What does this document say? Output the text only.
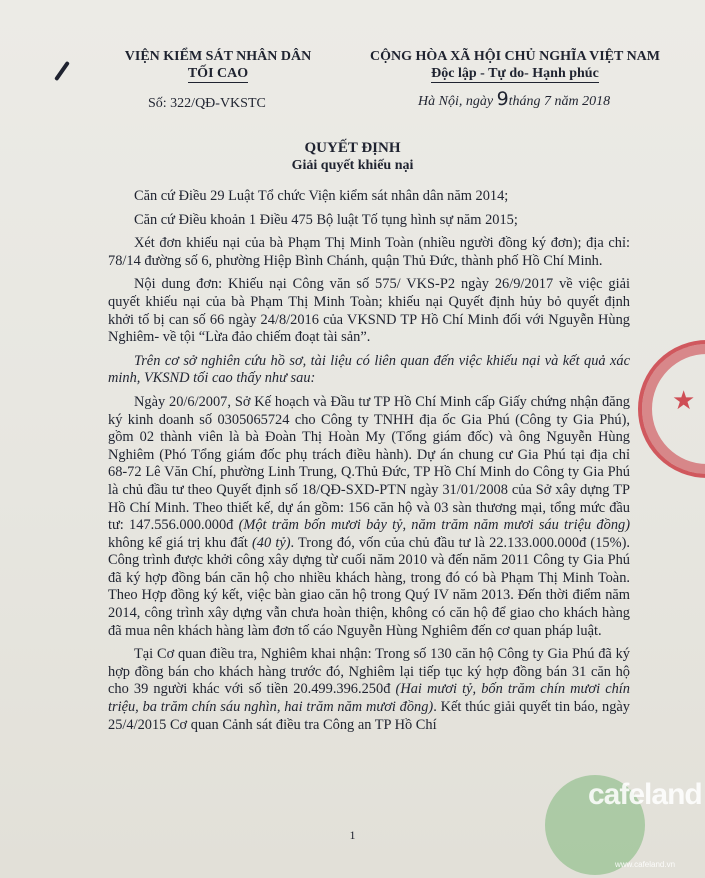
VIỆN KIỂM SÁT NHÂN DÂN
TỐI CAO
Số: 322/QĐ-VKSTC
CỘNG HÒA XÃ HỘI CHỦ NGHĨA VIỆT NAM
Độc lập - Tự do- Hạnh phúc
Hà Nội, ngày 9tháng 7 năm 2018
QUYẾT ĐỊNH
Giải quyết khiếu nại

Căn cứ Điều 29 Luật Tổ chức Viện kiểm sát nhân dân năm 2014;

Căn cứ Điều khoản 1 Điều 475 Bộ luật Tố tụng hình sự năm 2015;

Xét đơn khiếu nại của bà Phạm Thị Minh Toàn (nhiều người đồng ký đơn); địa chỉ: 78/14 đường số 6, phường Hiệp Bình Chánh, quận Thủ Đức, thành phố Hồ Chí Minh.

Nội dung đơn: Khiếu nại Công văn số 575/ VKS-P2 ngày 26/9/2017 về việc giải quyết khiếu nại của bà Phạm Thị Minh Toàn; khiếu nại Quyết định hủy bỏ quyết định khởi tố bị can số 66 ngày 24/8/2016 của VKSND TP Hồ Chí Minh đối với Nguyễn Hùng Nghiêm- về tội “Lừa đảo chiếm đoạt tài sản”.

Trên cơ sở nghiên cứu hồ sơ, tài liệu có liên quan đến việc khiếu nại và kết quả xác minh, VKSND tối cao thấy như sau:

Ngày 20/6/2007, Sở Kế hoạch và Đầu tư TP Hồ Chí Minh cấp Giấy chứng nhận đăng ký kinh doanh số 0305065724 cho Công ty TNHH địa ốc Gia Phú (Công ty Gia Phú), gồm 02 thành viên là bà Đoàn Thị Hoàn My (Tổng giám đốc) và ông Nguyễn Hùng Nghiêm (Phó Tổng giám đốc phụ trách điều hành). Dự án chung cư Gia Phú tại địa chỉ 68-72 Lê Văn Chí, phường Linh Trung, Q.Thủ Đức, TP Hồ Chí Minh do Công ty Gia Phú là chủ đầu tư theo Quyết định số 18/QĐ-SXD-PTN ngày 31/01/2008 của Sở xây dựng TP Hồ Chí Minh. Theo thiết kế, dự án gồm: 156 căn hộ và 03 sàn thương mại, tổng mức đầu tư: 147.556.000.000đ (Một trăm bốn mươi bảy tỷ, năm trăm năm mươi sáu triệu đồng) không kể giá trị khu đất (40 tỷ). Trong đó, vốn của chủ đầu tư là 22.133.000.000đ (15%). Công trình được khởi công xây dựng từ cuối năm 2010 và đến năm 2011 Công ty Gia Phú đã ký hợp đồng bán căn hộ cho nhiều khách hàng, trong đó có bà Phạm Thị Minh Toàn. Theo Hợp đồng ký kết, việc bàn giao căn hộ trong Quý IV năm 2013. Đến thời điểm năm 2014, công trình xây dựng vẫn chưa hoàn thiện, không có căn hộ để giao cho khách hàng đã mua nên khách hàng làm đơn tố cáo Nguyễn Hùng Nghiêm đến cơ quan pháp luật.

Tại Cơ quan điều tra, Nghiêm khai nhận: Trong số 130 căn hộ Công ty Gia Phú đã ký hợp đồng bán cho khách hàng trước đó, Nghiêm lại tiếp tục ký hợp đồng bán 31 căn hộ cho 39 người khác với số tiền 20.499.396.250đ (Hai mươi tỷ, bốn trăm chín mươi chín triệu, ba trăm chín sáu nghìn, hai trăm năm mươi đồng). Kết thúc giải quyết tin báo, ngày 25/4/2015 Cơ quan Cảnh sát điều tra Công an TP Hồ Chí

1
★
cafeland
www.cafeland.vn
